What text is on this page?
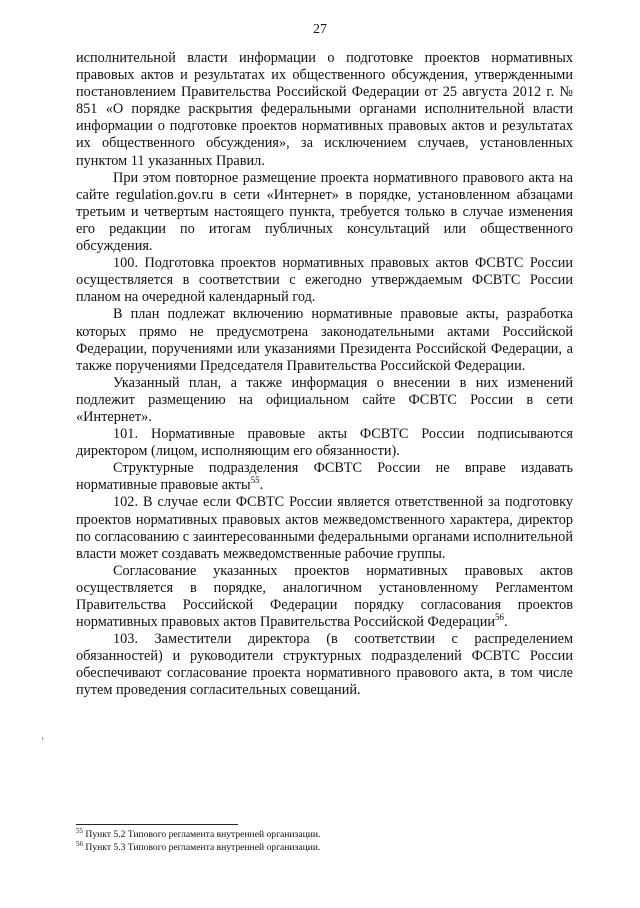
27

исполнительной власти информации о подготовке проектов нормативных правовых актов и результатах их общественного обсуждения, утвержденными постановлением Правительства Российской Федерации от 25 августа 2012 г. № 851 «О порядке раскрытия федеральными органами исполнительной власти информации о подготовке проектов нормативных правовых актов и результатах их общественного обсуждения», за исключением случаев, установленных пунктом 11 указанных Правил.

При этом повторное размещение проекта нормативного правового акта на сайте regulation.gov.ru в сети «Интернет» в порядке, установленном абзацами третьим и четвертым настоящего пункта, требуется только в случае изменения его редакции по итогам публичных консультаций или общественного обсуждения.

100. Подготовка проектов нормативных правовых актов ФСВТС России осуществляется в соответствии с ежегодно утверждаемым ФСВТС России планом на очередной календарный год.

В план подлежат включению нормативные правовые акты, разработка которых прямо не предусмотрена законодательными актами Российской Федерации, поручениями или указаниями Президента Российской Федерации, а также поручениями Председателя Правительства Российской Федерации.

Указанный план, а также информация о внесении в них изменений подлежит размещению на официальном сайте ФСВТС России в сети «Интернет».

101. Нормативные правовые акты ФСВТС России подписываются директором (лицом, исполняющим его обязанности).

Структурные подразделения ФСВТС России не вправе издавать нормативные правовые акты$^{55}$.

102. В случае если ФСВТС России является ответственной за подготовку проектов нормативных правовых актов межведомственного характера, директор по согласованию с заинтересованными федеральными органами исполнительной власти может создавать межведомственные рабочие группы.

Согласование указанных проектов нормативных правовых актов осуществляется в порядке, аналогичном установленному Регламентом Правительства Российской Федерации порядку согласования проектов нормативных правовых актов Правительства Российской Федерации$^{56}$.

103. Заместители директора (в соответствии с распределением обязанностей) и руководители структурных подразделений ФСВТС России обеспечивают согласование проекта нормативного правового акта, в том числе путем проведения согласительных совещаний.

$^{55}$ Пункт 5.2 Типового регламента внутренней организации.

$^{56}$ Пункт 5.3 Типового регламента внутренней организации.
